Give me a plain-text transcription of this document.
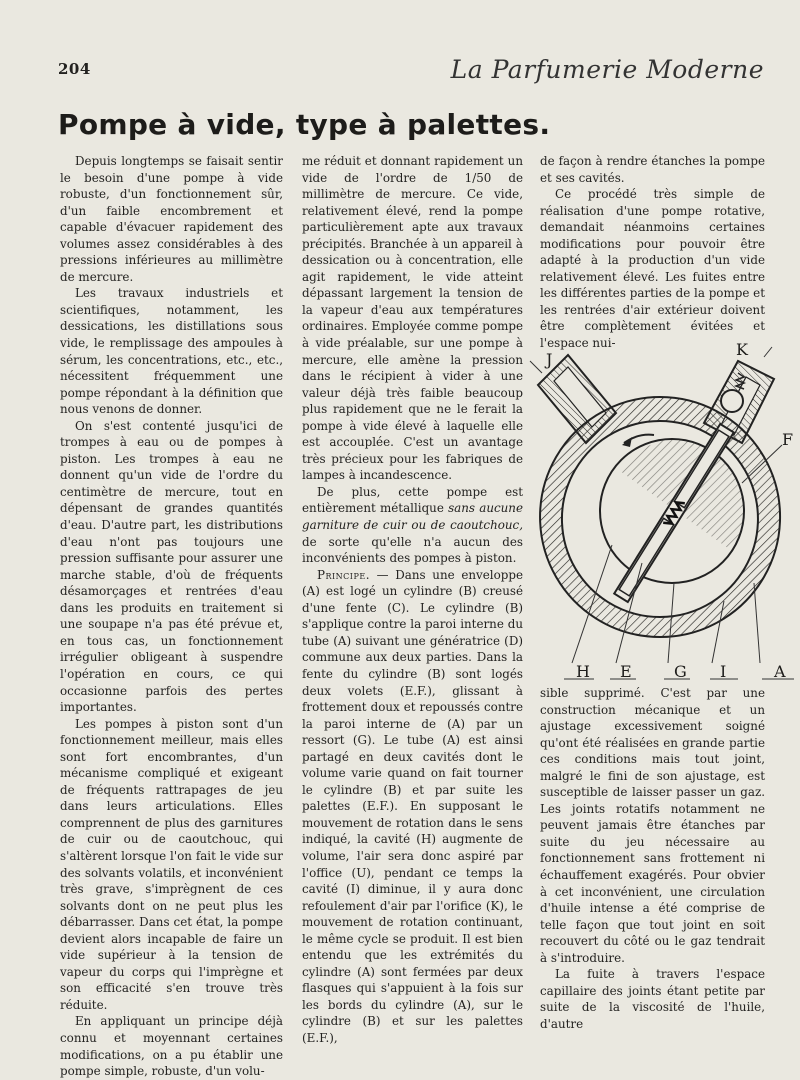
204	La Parfumerie Moderne
Pompe à vide, type à palettes.

Depuis longtemps se faisait sentir le besoin d'une pompe à vide robuste, d'un fonctionnement sûr, d'un faible encombrement et capable d'évacuer rapidement des volumes assez considérables à des pressions inférieures au millimètre de mercure.

Les travaux industriels et scientifiques, notamment, les dessications, les distillations sous vide, le remplissage des ampoules à sérum, les concentrations, etc., etc., nécessitent fréquemment une pompe répondant à la définition que nous venons de donner.

On s'est contenté jusqu'ici de trompes à eau ou de pompes à piston. Les trompes à eau ne donnent qu'un vide de l'ordre du centimètre de mercure, tout en dépensant de grandes quantités d'eau. D'autre part, les distributions d'eau n'ont pas toujours une pression suffisante pour assurer une marche stable, d'où de fréquents désamorçages et rentrées d'eau dans les produits en traitement si une soupape n'a pas été prévue et, en tous cas, un fonctionnement irrégulier obligeant à suspendre l'opération en cours, ce qui occasionne parfois des pertes importantes.

Les pompes à piston sont d'un fonctionnement meilleur, mais elles sont fort encombrantes, d'un mécanisme compliqué et exigeant de fréquents rattrapages de jeu dans leurs articulations. Elles comprennent de plus des garnitures de cuir ou de caoutchouc, qui s'altèrent lorsque l'on fait le vide sur des solvants volatils, et inconvénient très grave, s'imprègnent de ces solvants dont on ne peut plus les débarrasser. Dans cet état, la pompe devient alors incapable de faire un vide supérieur à la tension de vapeur du corps qui l'imprègne et son efficacité s'en trouve très réduite.

En appliquant un principe déjà connu et moyennant certaines modifications, on a pu établir une pompe simple, robuste, d'un volu-

me réduit et donnant rapidement un vide de l'ordre de 1/50 de millimètre de mercure. Ce vide, relativement élevé, rend la pompe particulièrement apte aux travaux précipités. Branchée à un appareil à dessication ou à concentration, elle agit rapidement, le vide atteint dépassant largement la tension de la vapeur d'eau aux températures ordinaires. Employée comme pompe à vide préalable, sur une pompe à mercure, elle amène la pression dans le récipient à vider à une valeur déjà très faible beaucoup plus rapidement que ne le ferait la pompe à vide élevé à laquelle elle est accouplée. C'est un avantage très précieux pour les fabriques de lampes à incandescence.

De plus, cette pompe est entièrement métallique sans aucune garniture de cuir ou de caoutchouc, de sorte qu'elle n'a aucun des inconvénients des pompes à piston.

Principe. — Dans une enveloppe (A) est logé un cylindre (B) creusé d'une fente (C). Le cylindre (B) s'applique contre la paroi interne du tube (A) suivant une génératrice (D) commune aux deux parties. Dans la fente du cylindre (B) sont logés deux volets (E.F.), glissant à frottement doux et repoussés contre la paroi interne de (A) par un ressort (G). Le tube (A) est ainsi partagé en deux cavités dont le volume varie quand on fait tourner le cylindre (B) et par suite les palettes (E.F.). En supposant le mouvement de rotation dans le sens indiqué, la cavité (H) augmente de volume, l'air sera donc aspiré par l'office (U), pendant ce temps la cavité (I) diminue, il y aura donc refoulement d'air par l'orifice (K), le mouvement de rotation continuant, le même cycle se produit. Il est bien entendu que les extrémités du cylindre (A) sont fermées par deux flasques qui s'appuient à la fois sur les bords du cylindre (A), sur le cylindre (B) et sur les palettes (E.F.),

de façon à rendre étanches la pompe et ses cavités.

Ce procédé très simple de réalisation d'une pompe rotative, demandait néanmoins certaines modifications pour pouvoir être adapté à la production d'un vide relativement élevé. Les fuites entre les différentes parties de la pompe et les rentrées d'air extérieur doivent être complètement évitées et l'espace nui-

J
K
F
H E	G I	A

sible supprimé. C'est par une construction mécanique et un ajustage excessivement soigné qu'ont été réalisées en grande partie ces conditions mais tout joint, malgré le fini de son ajustage, est susceptible de laisser passer un gaz. Les joints rotatifs notamment ne peuvent jamais être étanches par suite du jeu nécessaire au fonctionnement sans frottement ni échauffement exagérés. Pour obvier à cet inconvénient, une circulation d'huile intense a été comprise de telle façon que tout joint en soit recouvert du côté ou le gaz tendrait à s'introduire.

La fuite à travers l'espace capillaire des joints étant petite par suite de la viscosité de l'huile, d'autre
